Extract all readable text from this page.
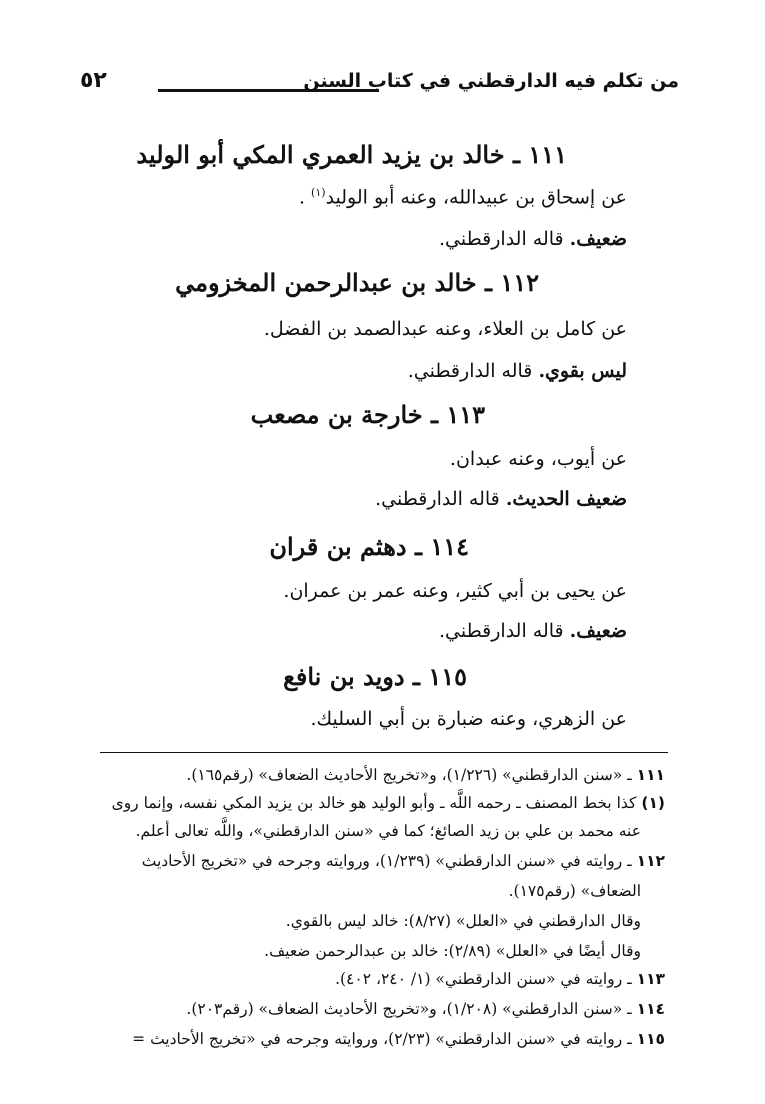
من تكلم فيه الدارقطني في كتاب السنن
٥٢
١١١ ـ خالد بن يزيد العمري المكي أبو الوليد
عن إسحاق بن عبيدالله، وعنه أبو الوليد$^{(١)}$ .
ضعيف. قاله الدارقطني.
١١٢ ـ خالد بن عبدالرحمن المخزومي
عن كامل بن العلاء، وعنه عبدالصمد بن الفضل.
ليس بقوي. قاله الدارقطني.
١١٣ ـ خارجة بن مصعب
عن أيوب، وعنه عبدان.
ضعيف الحديث. قاله الدارقطني.
١١٤ ـ دهثم بن قران
عن يحيى بن أبي كثير، وعنه عمر بن عمران.
ضعيف. قاله الدارقطني.
١١٥ ـ دويد بن نافع
عن الزهري، وعنه ضبارة بن أبي السليك.
١١١ ـ «سنن الدارقطني» (١/٢٢٦)، و«تخريج الأحاديث الضعاف» (رقم١٦٥).
(١) كذا بخط المصنف ـ رحمه اللَّه ـ وأبو الوليد هو خالد بن يزيد المكي نفسه، وإنما روى
عنه محمد بن علي بن زيد الصائغ؛ كما في «سنن الدارقطني»، واللَّه تعالى أعلم.
١١٢ ـ روايته في «سنن الدارقطني» (١/٢٣٩)، وروايته وجرحه في «تخريج الأحاديث
الضعاف» (رقم١٧٥).
وقال الدارقطني في «العلل» (٨/٢٧): خالد ليس بالقوي.
وقال أيضًا في «العلل» (٢/٨٩): خالد بن عبدالرحمن ضعيف.
١١٣ ـ روايته في «سنن الدارقطني» (١/ ٢٤٠، ٤٠٢).
١١٤ ـ «سنن الدارقطني» (١/٢٠٨)، و«تخريج الأحاديث الضعاف» (رقم٢٠٣).
١١٥ ـ روايته في «سنن الدارقطني» (٢/٢٣)، وروايته وجرحه في «تخريج الأحاديث =
